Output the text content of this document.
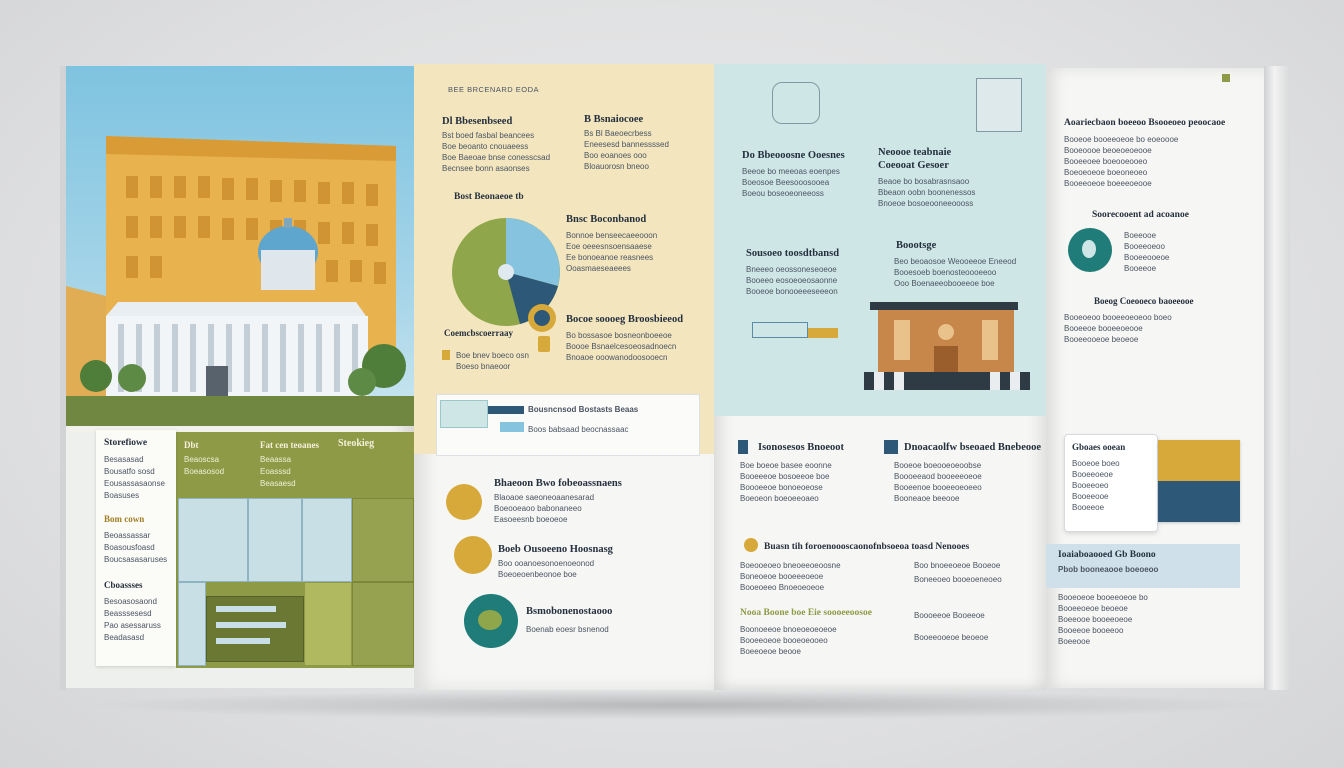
Storefiowe
Besasasad
Bousatfo sosd
Eousassasaonse
Boasuses
Bom cown
Beoassassar
Boasousfoasd
Boucsasasaruses
Cboassses
Besoasosaond
Beasssesesd
Pao asessaruss
Beadasasd
Dbt
Beaoscsa
Boeasosod
Fat cen teoanes
Beaassa
Eoasssd
Beasaesd
Steokieg
BEE BRCENARD EODA
Dl Bbesenbseed
Bst boed fasbal beancees
Boe beoanto cnouaeess
Boe Baeoae bnse conesscsad
Becnsee bonn asaonses
B Bsnaiocoee
Bs Bl Baeoecrbess
Eneesesd bannessssed
Boo eoanoes ooo
Bloauorosn bneoo
Bost Beonaeoe tb
Coemcbscoerraay
Boe bnev boeco osn
Boeso bnaeoor
Bnsc Boconbanod
Bonnoe benseecaeeooon
Eoe oeeesnsoensaaese
Ee bonoeanoe reasnees
Ooasmaeseaeees
Bocoe soooeg Broosbieeod
Bo bossasoe bosneonboeeoe
Boooe Bsnaelcesoeosadnoecn
Bnoaoe ooowanodoosooecn
Bousncnsod Bostasts Beaas
Boos babsaad beocnassaac
Bhaeoon Bwo fobeoassnaens
Blaoaoe saeoneoaanesarad
Boeooeaoo babonaneeo
Easoeesnb boeoeoe
Boeb Ousoeeno Hoosnasg
Boo ooanoesonoenoeonod
Boeoeoenbeonoe boe
Bsmobonenostaooo
Boenab eoesr bsnenod
Do Bbeooosne Ooesnes
Beeoe bo meeoas eoenpes
Boeosoe Beesooosooea
Boeou boseoeoneeoss
Neoooe teabnaie
Coeooat Gesoer
Beaoe bo bosabrasnsaoo
Bbeaon oobn boonenessos
Bnoeoe bosoeooneeoooss
Sousoeo toosdtbansd
Bneeeo oeossoneseoeoe
Booeeo eosoeoeosaonne
Booeoe bonooeeeseeeon
Boootsge
Beo beoaosoe Weooeeoe Eneeod
Booesoeb boenosteoooeeoo
Ooo Boenaeeobooeeoe boe
Isonosesos Bnoeoot
Boe boeoe basee eoonne
Booeeeoe bosoeeoe boe
Boooeeoe bonoeoeose
Boeoeon boeoeeoaeo
Dnoacaolfw bseoaed Bnebeooe
Booeoe boeooeoeoobse
Boooeeaod booeeeoeoe
Booeenoe booeeoeoeeo
Booneaoe beeooe
Buasn tih foroenoooscaonofnbsoeoa toasd Nenooes
Boeooeoeo bneoeeoeoosne
Boneoeoe booeeeoeoe
Booeoeeo Bnoeoeoeoe
Nooa Boone boe Eie soooeeoosoe
Boonoeeoe bnoeoeoeoeoe
Booeeoeoe booeoeooeo
Boeeoeoe beooe
Boo bnoeeoeoe Booeoe
Boneeoeo booeoeneoeo
Boooeeoe Booeeoe
Booeeooeoe beoeoe
Aoariecbaon boeeoo Bsooeoeo peoocaoe
Booeoe booeeoeoe bo eoeoooe
Booeoooe beoeoeoeooe
Booeeoee boeooeooeo
Boeoeoeoe boeoneoeo
Booeeoeoe boeeeoeooe
Soorecooent ad acoanoe
Boeeooe
Booeeoeoo
Booeeooeoe
Booeeoe
Boeog Coeooeco baoeeooe
Booeoeoo booeeoeoeoo boeo
Booeeoe booeeoeooe
Booeeooeoe beoeoe
Gboaes ooean
Booeoe boeo
Booeeoeoe
Booeeoeo
Booeeooe
Booeeoe
Ioaiaboaooed Gb Boono
Pbob booneaooe boeoeoo
Booeoeoe booeeoeoe bo
Booeeoeoe beoeoe
Boeeooe booeeoeoe
Booeeoe booeeoo
Boeeooe
